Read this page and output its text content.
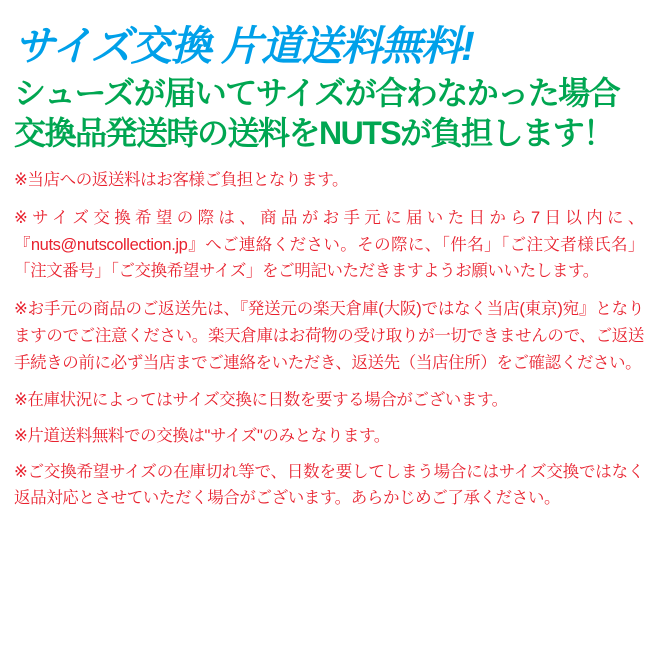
サイズ交換 片道送料無料!
シューズが届いてサイズが合わなかった場合
交換品発送時の送料をNUTSが負担します！

※当店への返送料はお客様ご負担となります。

※サイズ交換希望の際は、商品がお手元に届いた日から7日以内に、『nuts@nutscollection.jp』へご連絡ください。その際に、「件名」「ご注文者様氏名」「注文番号」「ご交換希望サイズ」をご明記いただきますようお願いいたします。

※お手元の商品のご返送先は、『発送元の楽天倉庫(大阪)ではなく当店(東京)宛』となりますのでご注意ください。楽天倉庫はお荷物の受け取りが一切できませんので、ご返送手続きの前に必ず当店までご連絡をいただき、返送先（当店住所）をご確認ください。

※在庫状況によってはサイズ交換に日数を要する場合がございます。

※片道送料無料での交換は"サイズ"のみとなります。

※ご交換希望サイズの在庫切れ等で、日数を要してしまう場合にはサイズ交換ではなく返品対応とさせていただく場合がございます。あらかじめご了承ください。
